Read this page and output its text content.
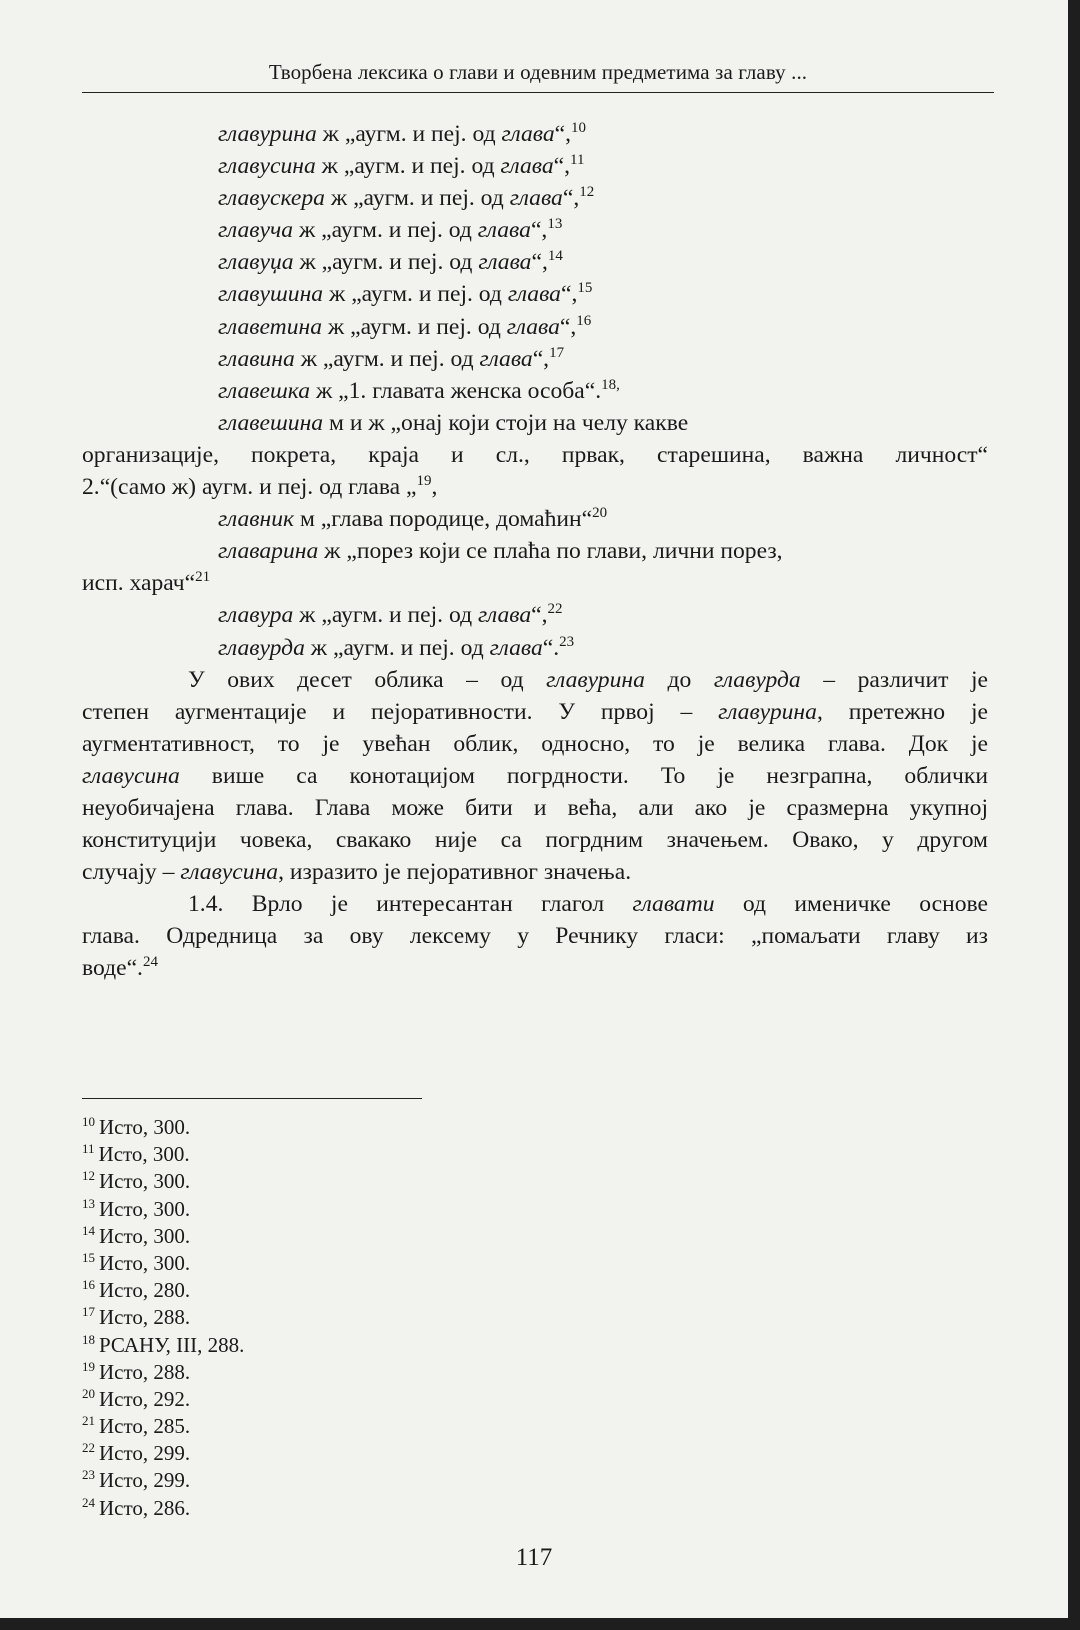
Творбена лексика о глави и одевним предметима за главу ...
главурина ж „аугм. и пеј. од глава“,$^{10}$
главусина ж „аугм. и пеј. од глава“,$^{11}$
главускера ж „аугм. и пеј. од глава“,$^{12}$
главуча ж „аугм. и пеј. од глава“,$^{13}$
главуџа ж „аугм. и пеј. од глава“,$^{14}$
главушина ж „аугм. и пеј. од глава“,$^{15}$
главетина ж „аугм. и пеј. од глава“,$^{16}$
главина ж „аугм. и пеј. од глава“,$^{17}$
главешка ж „1. главата женска особа“.$^{18,}$
главешина м и ж „онај који стоји на челу какве
организације, покрета, краја и сл., првак, старешина, важна личност“
2.“(само ж) аугм. и пеј. од глава „$^{19}$,
главник м „глава породице, домаћин“$^{20}$
главарина ж „порез који се плаћа по глави, лични порез,
исп. харач“$^{21}$
главура ж „аугм. и пеј. од глава“,$^{22}$
главурда ж „аугм. и пеј. од глава“.$^{23}$
У ових десет облика – од главурина до главурда – различит је
степен аугментације и пејоративности. У првој – главурина, претежно је
аугментативност, то је увећан облик, односно, то је велика глава. Док је
главусина више са конотацијом погрдности. То је незграпна, облички
неуобичајена глава. Глава може бити и већа, али ако је сразмерна укупној
конституцији човека, свакако није са погрдним значењем. Овако, у другом
случају – главусина, изразито је пејоративног значења.
1.4. Врло је интересантан глагол главати од именичке основе
глава. Одредница за ову лексему у Речнику гласи: „помаљати главу из
воде“.$^{24}$
$^{10}$ Исто, 300.
$^{11}$ Исто, 300.
$^{12}$ Исто, 300.
$^{13}$ Исто, 300.
$^{14}$ Исто, 300.
$^{15}$ Исто, 300.
$^{16}$ Исто, 280.
$^{17}$ Исто, 288.
$^{18}$ РСАНУ, III, 288.
$^{19}$ Исто, 288.
$^{20}$ Исто, 292.
$^{21}$ Исто, 285.
$^{22}$ Исто, 299.
$^{23}$ Исто, 299.
$^{24}$ Исто, 286.
117
